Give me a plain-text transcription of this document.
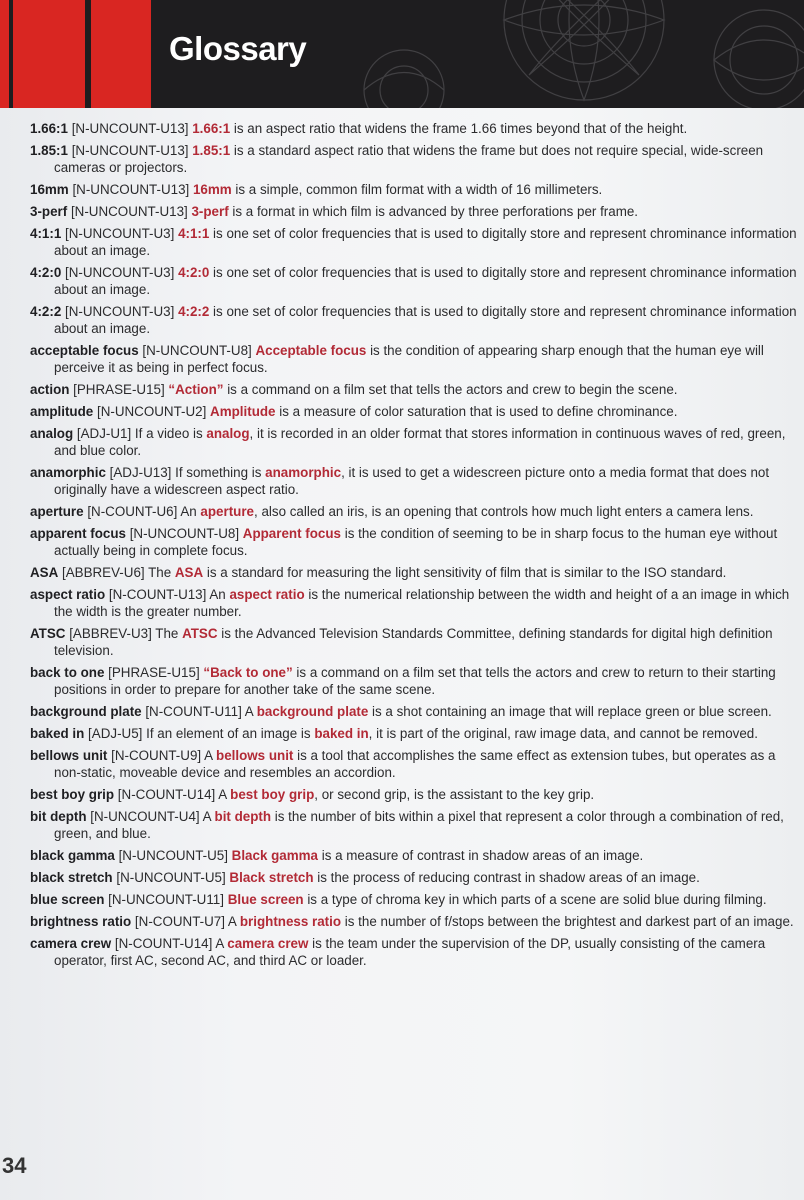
Glossary
1.66:1 [N-UNCOUNT-U13] 1.66:1 is an aspect ratio that widens the frame 1.66 times beyond that of the height.
1.85:1 [N-UNCOUNT-U13] 1.85:1 is a standard aspect ratio that widens the frame but does not require special, wide-screen cameras or projectors.
16mm [N-UNCOUNT-U13] 16mm is a simple, common film format with a width of 16 millimeters.
3-perf [N-UNCOUNT-U13] 3-perf is a format in which film is advanced by three perforations per frame.
4:1:1 [N-UNCOUNT-U3] 4:1:1 is one set of color frequencies that is used to digitally store and represent chrominance information about an image.
4:2:0 [N-UNCOUNT-U3] 4:2:0 is one set of color frequencies that is used to digitally store and represent chrominance information about an image.
4:2:2 [N-UNCOUNT-U3] 4:2:2 is one set of color frequencies that is used to digitally store and represent chrominance information about an image.
acceptable focus [N-UNCOUNT-U8] Acceptable focus is the condition of appearing sharp enough that the human eye will perceive it as being in perfect focus.
action [PHRASE-U15] “Action” is a command on a film set that tells the actors and crew to begin the scene.
amplitude [N-UNCOUNT-U2] Amplitude is a measure of color saturation that is used to define chrominance.
analog [ADJ-U1] If a video is analog, it is recorded in an older format that stores information in continuous waves of red, green, and blue color.
anamorphic [ADJ-U13] If something is anamorphic, it is used to get a widescreen picture onto a media format that does not originally have a widescreen aspect ratio.
aperture [N-COUNT-U6] An aperture, also called an iris, is an opening that controls how much light enters a camera lens.
apparent focus [N-UNCOUNT-U8] Apparent focus is the condition of seeming to be in sharp focus to the human eye without actually being in complete focus.
ASA [ABBREV-U6] The ASA is a standard for measuring the light sensitivity of film that is similar to the ISO standard.
aspect ratio [N-COUNT-U13] An aspect ratio is the numerical relationship between the width and height of a an image in which the width is the greater number.
ATSC [ABBREV-U3] The ATSC is the Advanced Television Standards Committee, defining standards for digital high definition television.
back to one [PHRASE-U15] “Back to one” is a command on a film set that tells the actors and crew to return to their starting positions in order to prepare for another take of the same scene.
background plate [N-COUNT-U11] A background plate is a shot containing an image that will replace green or blue screen.
baked in [ADJ-U5] If an element of an image is baked in, it is part of the original, raw image data, and cannot be removed.
bellows unit [N-COUNT-U9] A bellows unit is a tool that accomplishes the same effect as extension tubes, but operates as a non-static, moveable device and resembles an accordion.
best boy grip [N-COUNT-U14] A best boy grip, or second grip, is the assistant to the key grip.
bit depth [N-UNCOUNT-U4] A bit depth is the number of bits within a pixel that represent a color through a combination of red, green, and blue.
black gamma [N-UNCOUNT-U5] Black gamma is a measure of contrast in shadow areas of an image.
black stretch [N-UNCOUNT-U5] Black stretch is the process of reducing contrast in shadow areas of an image.
blue screen [N-UNCOUNT-U11] Blue screen is a type of chroma key in which parts of a scene are solid blue during filming.
brightness ratio [N-COUNT-U7] A brightness ratio is the number of f/stops between the brightest and darkest part of an image.
camera crew [N-COUNT-U14] A camera crew is the team under the supervision of the DP, usually consisting of the camera operator, first AC, second AC, and third AC or loader.
34
